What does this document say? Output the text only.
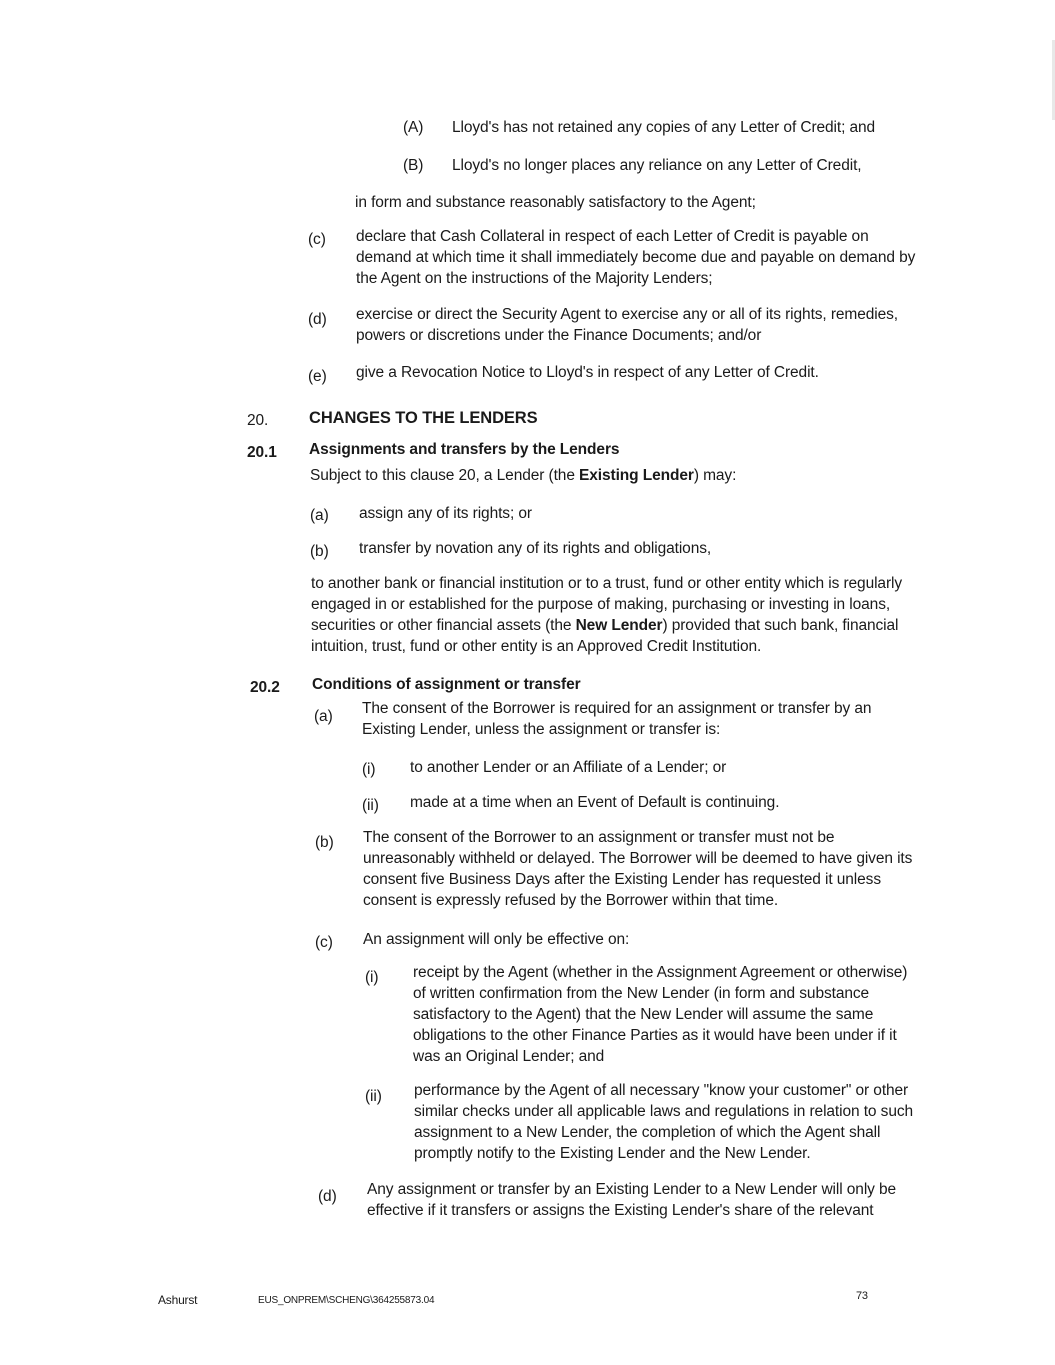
(A) Lloyd's has not retained any copies of any Letter of Credit; and
(B) Lloyd's no longer places any reliance on any Letter of Credit,
in form and substance reasonably satisfactory to the Agent;
(c) declare that Cash Collateral in respect of each Letter of Credit is payable on demand at which time it shall immediately become due and payable on demand by the Agent on the instructions of the Majority Lenders;
(d) exercise or direct the Security Agent to exercise any or all of its rights, remedies, powers or discretions under the Finance Documents; and/or
(e) give a Revocation Notice to Lloyd's in respect of any Letter of Credit.
20. CHANGES TO THE LENDERS
20.1 Assignments and transfers by the Lenders
Subject to this clause 20, a Lender (the Existing Lender) may:
(a) assign any of its rights; or
(b) transfer by novation any of its rights and obligations,
to another bank or financial institution or to a trust, fund or other entity which is regularly engaged in or established for the purpose of making, purchasing or investing in loans, securities or other financial assets (the New Lender) provided that such bank, financial intuition, trust, fund or other entity is an Approved Credit Institution.
20.2 Conditions of assignment or transfer
(a) The consent of the Borrower is required for an assignment or transfer by an Existing Lender, unless the assignment or transfer is:
(i) to another Lender or an Affiliate of a Lender; or
(ii) made at a time when an Event of Default is continuing.
(b) The consent of the Borrower to an assignment or transfer must not be unreasonably withheld or delayed. The Borrower will be deemed to have given its consent five Business Days after the Existing Lender has requested it unless consent is expressly refused by the Borrower within that time.
(c) An assignment will only be effective on:
(i) receipt by the Agent (whether in the Assignment Agreement or otherwise) of written confirmation from the New Lender (in form and substance satisfactory to the Agent) that the New Lender will assume the same obligations to the other Finance Parties as it would have been under if it was an Original Lender; and
(ii) performance by the Agent of all necessary "know your customer" or other similar checks under all applicable laws and regulations in relation to such assignment to a New Lender, the completion of which the Agent shall promptly notify to the Existing Lender and the New Lender.
(d) Any assignment or transfer by an Existing Lender to a New Lender will only be effective if it transfers or assigns the Existing Lender's share of the relevant
Ashurst	EUS_ONPREM\SCHENG\364255873.04	73
